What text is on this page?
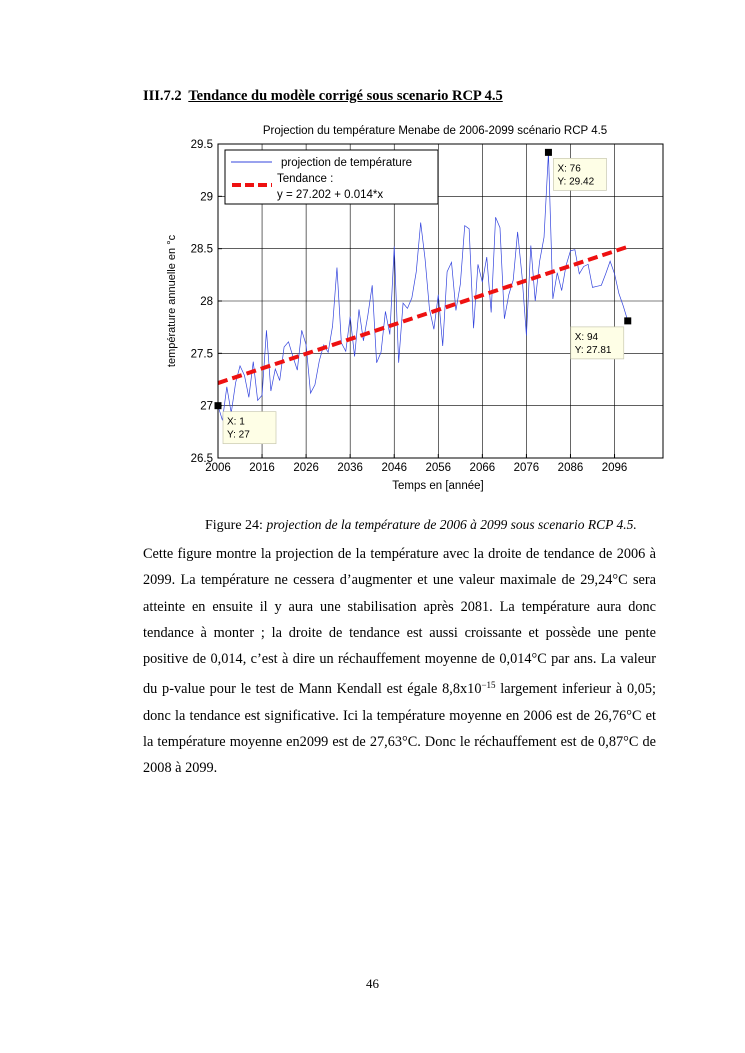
III.7.2 Tendance du modèle corrigé sous scenario RCP 4.5
Projection du température Menabe de 2006-2099 scénario RCP 4.5
2006 2016 2026 2036 2046 2056 2066 2076 2086 2096
26.5
27
27.5
28
28.5
29
29.5
X: 1
Y: 27
X: 76
Y: 29.42
X: 94
Y: 27.81
projection de température
Tendance :
y = 27.202 + 0.014*x
Temps en [année]
température annuelle en °c
Figure 24: projection de la température de 2006 à 2099 sous scenario RCP 4.5.

Cette figure montre la projection de la température avec la droite de tendance de 2006 à 2099. La température ne cessera d’augmenter et une valeur maximale de 29,24°C sera atteinte en ensuite il y aura une stabilisation après 2081. La température aura donc tendance à monter ; la droite de tendance est aussi croissante et possède une pente positive de 0,014, c’est à dire un réchauffement moyenne de 0,014°C par ans. La valeur du p-value pour le test de Mann Kendall est égale $8,8x10^{-15}$ largement inferieur à 0,05; donc la tendance est significative. Ici la température moyenne en 2006 est de 26,76°C et la température moyenne en2099 est de 27,63°C. Donc le réchauffement est de 0,87°C de 2008 à 2099.

46
